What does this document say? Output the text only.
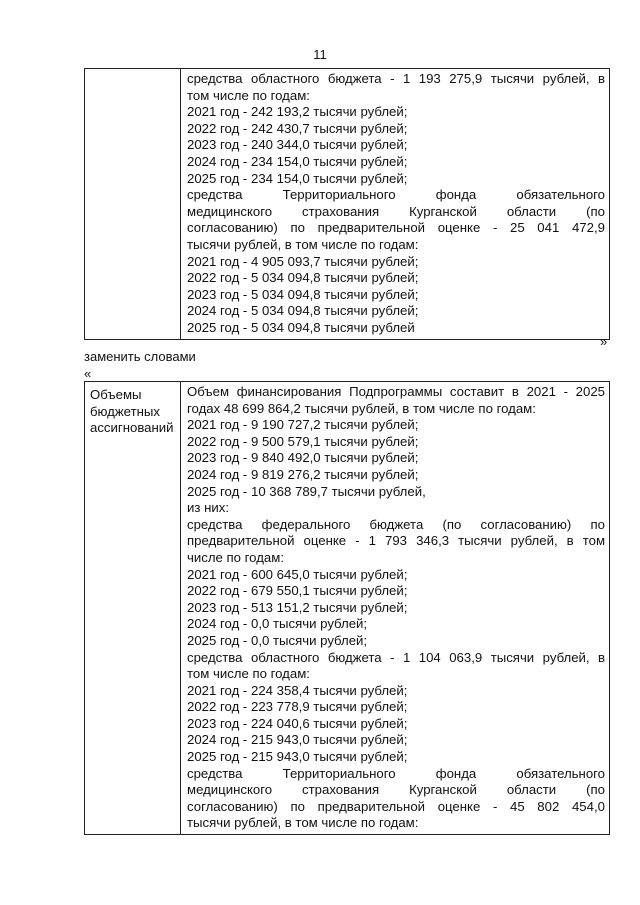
11

средства областного бюджета - 1 193 275,9 тысячи рублей, в
том числе по годам:
2021 год - 242 193,2 тысячи рублей;
2022 год - 242 430,7 тысячи рублей;
2023 год - 240 344,0 тысячи рублей;
2024 год - 234 154,0 тысячи рублей;
2025 год - 234 154,0 тысячи рублей;
средства	Территориального	фонда	обязательного
медицинского страхования Курганской области (по
согласованию) по предварительной оценке - 25 041 472,9
тысячи рублей, в том числе по годам:
2021 год - 4 905 093,7 тысячи рублей;
2022 год - 5 034 094,8 тысячи рублей;
2023 год - 5 034 094,8 тысячи рублей;
2024 год - 5 034 094,8 тысячи рублей;
2025 год - 5 034 094,8 тысячи рублей
»
заменить словами
«
Объемы
бюджетных
ассигнований

Объем финансирования Подпрограммы составит в 2021 - 2025
годах 48 699 864,2 тысячи рублей, в том числе по годам:
2021 год - 9 190 727,2 тысячи рублей;
2022 год - 9 500 579,1 тысячи рублей;
2023 год - 9 840 492,0 тысячи рублей;
2024 год - 9 819 276,2 тысячи рублей;
2025 год - 10 368 789,7 тысячи рублей,
из них:
средства федерального бюджета (по согласованию) по
предварительной оценке - 1 793 346,3 тысячи рублей, в том
числе по годам:
2021 год - 600 645,0 тысячи рублей;
2022 год - 679 550,1 тысячи рублей;
2023 год - 513 151,2 тысячи рублей;
2024 год - 0,0 тысячи рублей;
2025 год - 0,0 тысячи рублей;
средства областного бюджета - 1 104 063,9 тысячи рублей, в
том числе по годам:
2021 год - 224 358,4 тысячи рублей;
2022 год - 223 778,9 тысячи рублей;
2023 год - 224 040,6 тысячи рублей;
2024 год - 215 943,0 тысячи рублей;
2025 год - 215 943,0 тысячи рублей;
средства	Территориального	фонда	обязательного
медицинского страхования Курганской области (по
согласованию) по предварительной оценке - 45 802 454,0
тысячи рублей, в том числе по годам:
